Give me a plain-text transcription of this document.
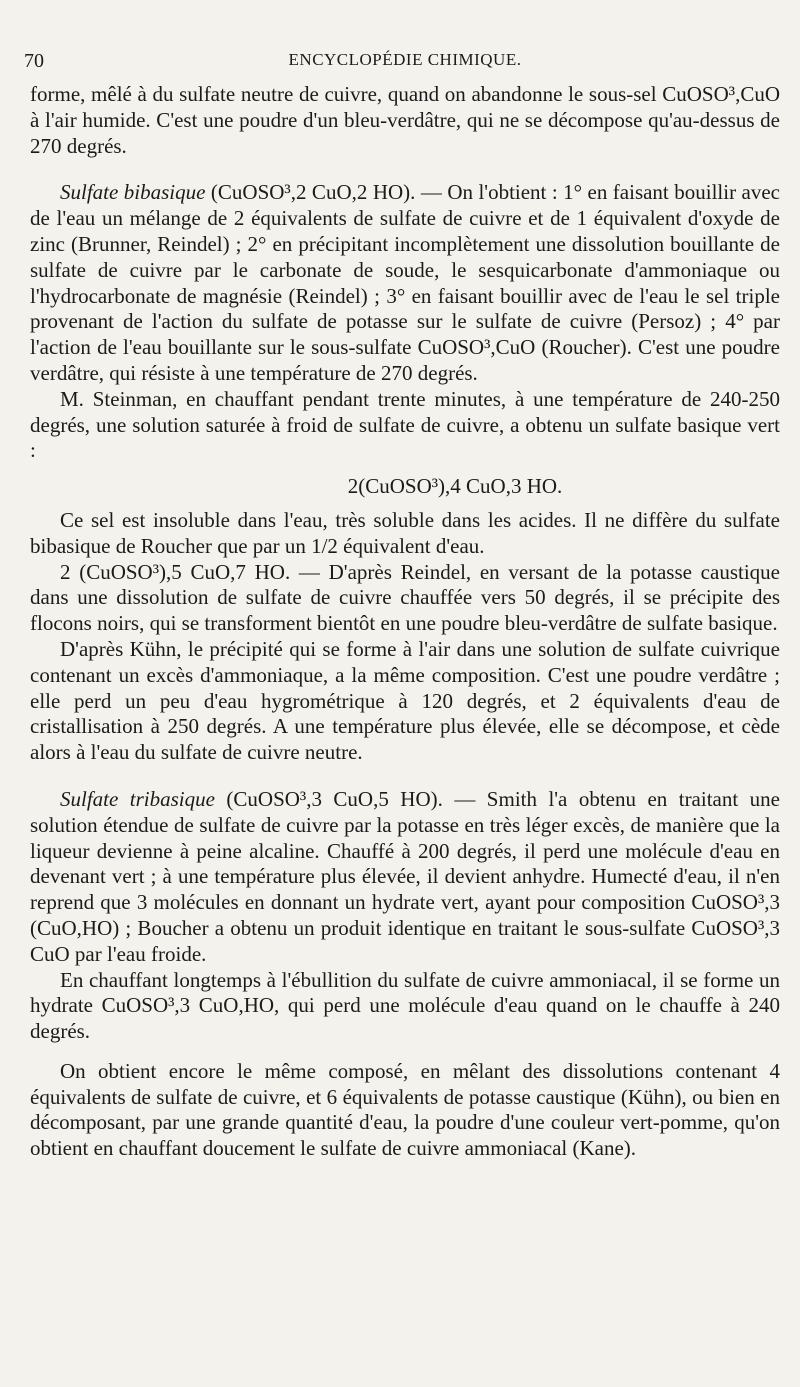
70	ENCYCLOPÉDIE CHIMIQUE.

forme, mêlé à du sulfate neutre de cuivre, quand on abandonne le sous-sel CuOSO³,CuO à l'air humide. C'est une poudre d'un bleu-verdâtre, qui ne se décompose qu'au-dessus de 270 degrés.

Sulfate bibasique (CuOSO³,2 CuO,2 HO). — On l'obtient : 1° en faisant bouillir avec de l'eau un mélange de 2 équivalents de sulfate de cuivre et de 1 équivalent d'oxyde de zinc (Brunner, Reindel) ; 2° en précipitant incomplètement une dissolution bouillante de sulfate de cuivre par le carbonate de soude, le sesquicarbonate d'ammoniaque ou l'hydrocarbonate de magnésie (Reindel) ; 3° en faisant bouillir avec de l'eau le sel triple provenant de l'action du sulfate de potasse sur le sulfate de cuivre (Persoz) ; 4° par l'action de l'eau bouillante sur le sous-sulfate CuOSO³,CuO (Roucher). C'est une poudre verdâtre, qui résiste à une température de 270 degrés.

M. Steinman, en chauffant pendant trente minutes, à une température de 240-250 degrés, une solution saturée à froid de sulfate de cuivre, a obtenu un sulfate basique vert :

2(CuOSO³),4 CuO,3 HO.

Ce sel est insoluble dans l'eau, très soluble dans les acides. Il ne diffère du sulfate bibasique de Roucher que par un 1/2 équivalent d'eau.

2 (CuOSO³),5 CuO,7 HO. — D'après Reindel, en versant de la potasse caustique dans une dissolution de sulfate de cuivre chauffée vers 50 degrés, il se précipite des flocons noirs, qui se transforment bientôt en une poudre bleu-verdâtre de sulfate basique.

D'après Kühn, le précipité qui se forme à l'air dans une solution de sulfate cuivrique contenant un excès d'ammoniaque, a la même composition. C'est une poudre verdâtre ; elle perd un peu d'eau hygrométrique à 120 degrés, et 2 équivalents d'eau de cristallisation à 250 degrés. A une température plus élevée, elle se décompose, et cède alors à l'eau du sulfate de cuivre neutre.

Sulfate tribasique (CuOSO³,3 CuO,5 HO). — Smith l'a obtenu en traitant une solution étendue de sulfate de cuivre par la potasse en très léger excès, de manière que la liqueur devienne à peine alcaline. Chauffé à 200 degrés, il perd une molécule d'eau en devenant vert ; à une température plus élevée, il devient anhydre. Humecté d'eau, il n'en reprend que 3 molécules en donnant un hydrate vert, ayant pour composition CuOSO³,3 (CuO,HO) ; Boucher a obtenu un produit identique en traitant le sous-sulfate CuOSO³,3 CuO par l'eau froide.

En chauffant longtemps à l'ébullition du sulfate de cuivre ammoniacal, il se forme un hydrate CuOSO³,3 CuO,HO, qui perd une molécule d'eau quand on le chauffe à 240 degrés.

On obtient encore le même composé, en mêlant des dissolutions contenant 4 équivalents de sulfate de cuivre, et 6 équivalents de potasse caustique (Kühn), ou bien en décomposant, par une grande quantité d'eau, la poudre d'une couleur vert-pomme, qu'on obtient en chauffant doucement le sulfate de cuivre ammoniacal (Kane).
